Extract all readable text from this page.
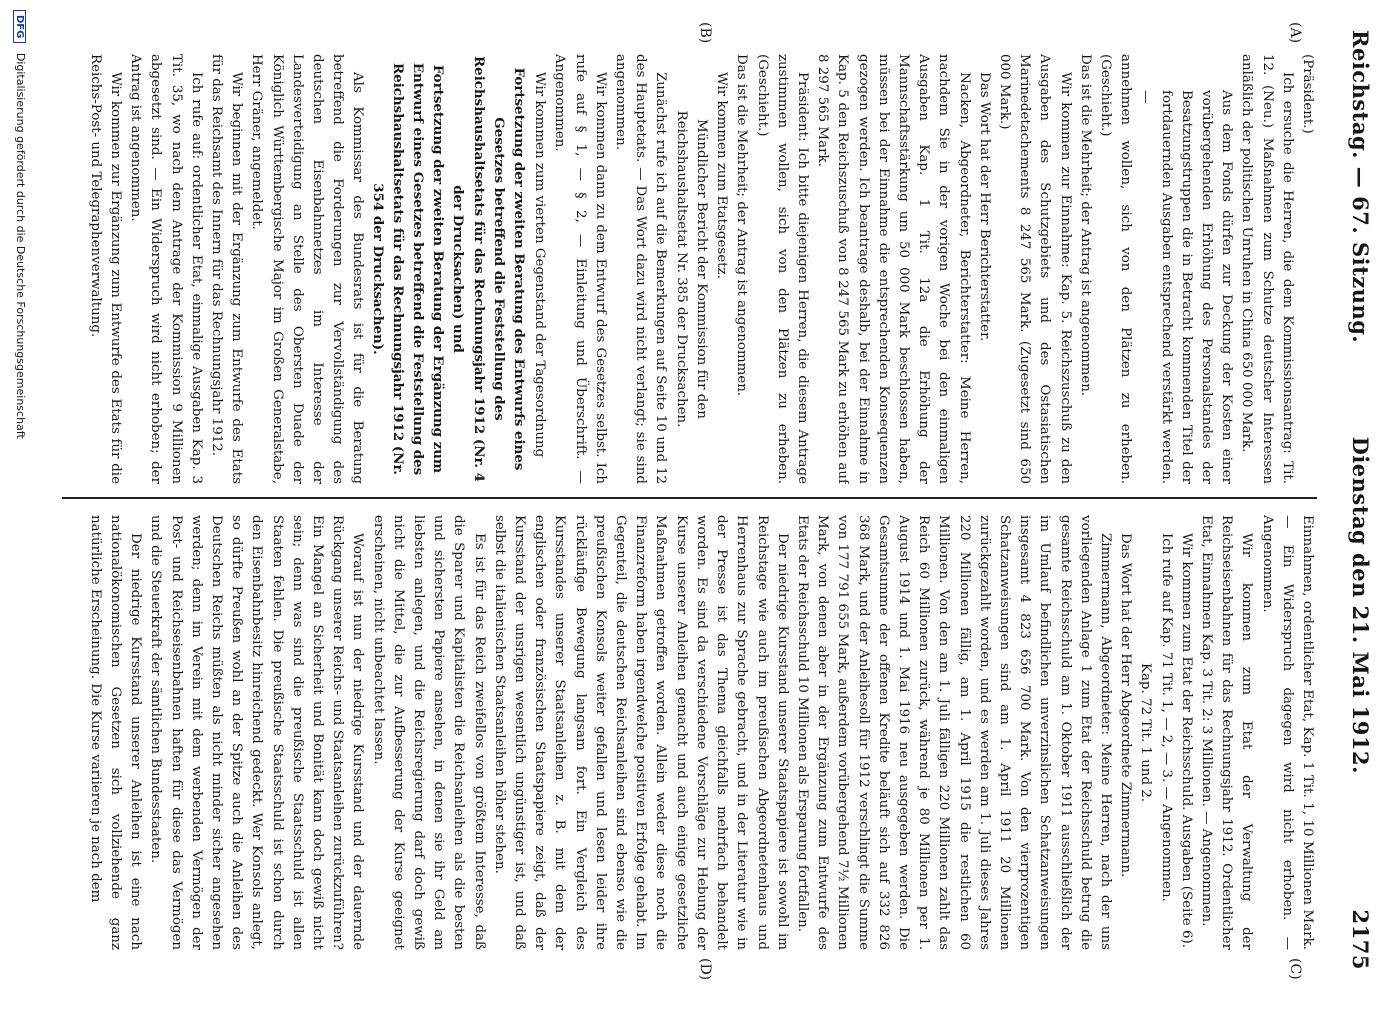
Reichstag. — 67. Sitzung.
Dienstag den 21. Mai 1912.  2175
(A)
(B)
(C)
(D)

(Präsident.)

Ich ersuche die Herren, die dem Kommissionsantrag: Tit. 12. (Neu.) Maßnahmen zum Schutze deutscher Interessen anläßlich der politischen Unruhen in China 650 000 Mark.

Aus dem Fonds dürfen zur Deckung der Kosten einer vorübergehenden Erhöhung des Personalstandes der Besatzungstruppen die in Betracht kommenden Titel der fortdauernden Ausgaben entsprechend verstärkt werden. —

annehmen wollen, sich von den Plätzen zu erheben. (Geschieht.)

Das ist die Mehrheit; der Antrag ist angenommen.

Wir kommen zur Einnahme: Kap. 5. Reichszuschuß zu den Ausgaben des Schutzgebiets und des Ostasiatischen Marinedetachements 8 247 565 Mark. (Zugesetzt sind 650 000 Mark.)

Das Wort hat der Herr Berichterstatter.

Nacken, Abgeordneter, Berichterstatter: Meine Herren, nachdem Sie in der vorigen Woche bei den einmaligen Ausgaben Kap. 1 Tit. 12a die Erhöhung der Mannschaftsstärkung um 50 000 Mark beschlossen haben, müssen bei der Einnahme die entsprechenden Konsequenzen gezogen werden. Ich beantrage deshalb, bei der Einnahme in Kap. 5 den Reichszuschuß von 8 247 565 Mark zu erhöhen auf 8 297 565 Mark.

Präsident: Ich bitte diejenigen Herren, die diesem Antrage zustimmen wollen, sich von den Plätzen zu erheben. (Geschieht.)

Das ist die Mehrheit; der Antrag ist angenommen.

Wir kommen zum Etatsgesetz.

Mündlicher Bericht der Kommission für den Reichshaushaltsetat Nr. 385 der Drucksachen.

Zunächst rufe ich auf die Bemerkungen auf Seite 10 und 12 des Hauptetats. — Das Wort dazu wird nicht verlangt; sie sind angenommen.

Wir kommen dann zu dem Entwurf des Gesetzes selbst. Ich rufe auf § 1, — § 2, — Einleitung und Überschrift. — Angenommen.

Wir kommen zum vierten Gegenstand der Tagesordnung

Fortsetzung der zweiten Beratung des Entwurfs eines Gesetzes betreffend die Feststellung des Reichshaushaltsetats für das Rechnungsjahr 1912 (Nr. 4 der Drucksachen) und

Fortsetzung der zweiten Beratung der Ergänzung zum Entwurf eines Gesetzes betreffend die Feststellung des Reichshaushaltsetats für das Rechnungsjahr 1912 (Nr. 354 der Drucksachen).

Als Kommissar des Bundesrats ist für die Beratung betreffend die Forderungen zur Vervollständigung des deutschen Eisenbahnnetzes im Interesse der Landesverteidigung an Stelle des Obersten Duade der Königlich Württembergische Major im Großen Generalstabe, Herr Gräner, angemeldet.

Wir beginnen mit der Ergänzung zum Entwurfe des Etats für das Reichsamt des Innern für das Rechnungsjahr 1912.

Ich rufe auf: ordentlicher Etat, einmalige Ausgaben Kap. 3 Tit. 35, wo nach dem Antrage der Kommission 9 Millionen abgesetzt sind. — Ein Widerspruch wird nicht erhoben; der Antrag ist angenommen.

Wir kommen zur Ergänzung zum Entwurfe des Etats für die Reichs-Post- und Telegraphenverwaltung.

Einnahmen, ordentlicher Etat, Kap. 1 Tit. 1, 10 Millionen Mark. — Ein Widerspruch dagegen wird nicht erhoben. — Angenommen.

Wir kommen zum Etat der Verwaltung der Reichseisenbahnen für das Rechnungsjahr 1912. Ordentlicher Etat, Einnahmen Kap. 3 Tit. 2: 3 Millionen. — Angenommen.

Wir kommen zum Etat der Reichsschuld. Ausgaben (Seite 6).

Ich rufe auf Kap. 71 Tit. 1, — 2, — 3. — Angenommen.

Kap. 72 Tit. 1 und 2.

Das Wort hat der Herr Abgeordnete Zimmermann.

Zimmermann, Abgeordneter: Meine Herren, nach der uns vorliegenden Anlage 1 zum Etat der Reichsschuld betrug die gesamte Reichsschuld am 1. Oktober 1911 ausschließlich der im Umlauf befindlichen unverzinslichen Schatzanweisungen insgesamt 4 823 656 700 Mark. Von den vierprozentigen Schatzanweisungen sind am 1. April 1911 20 Millionen zurückgezahlt worden, und es werden am 1. Juli dieses Jahres 220 Millionen fällig, am 1. April 1915 die restlichen 60 Millionen. Von den am 1. Juli fälligen 220 Millionen zahlt das Reich 60 Millionen zurück, während je 80 Millionen per 1. August 1914 und 1. Mai 1916 neu ausgegeben werden. Die Gesamtsumme der offenen Kredite beläuft sich auf 332 826 368 Mark, und der Anleihesoll für 1912 verschlingt die Summe von 177 791 655 Mark, außerdem vorübergehend 7½ Millionen Mark, von denen aber in der Ergänzung zum Entwurfe des Etats der Reichsschuld 10 Millionen als Ersparung fortfallen.

Der niedrige Kursstand unserer Staatspapiere ist sowohl im Reichstage wie auch im preußischen Abgeordnetenhaus und Herrenhaus zur Sprache gebracht, und in der Literatur wie in der Presse ist das Thema gleichfalls mehrfach behandelt worden. Es sind da verschiedene Vorschläge zur Hebung der Kurse unserer Anleihen gemacht und auch einige gesetzliche Maßnahmen getroffen worden. Allein weder diese noch die Finanzreform haben irgendwelche positiven Erfolge gehabt. Im Gegenteil, die deutschen Reichsanleihen sind ebenso wie die preußischen Konsols weiter gefallen und lesen leider ihre rückläufige Bewegung langsam fort. Ein Vergleich des Kursstandes unserer Staatsanleihen z. B. mit dem der englischen oder französischen Staatspapiere zeigt, daß der Kursstand der unsrigen wesentlich ungünstiger ist, und daß selbst die italienischen Staatsanleihen höher stehen.

Es ist für das Reich zweifellos von größtem Interesse, daß die Sparer und Kapitalisten die Reichsanleihen als die besten und sichersten Papiere ansehen, in denen sie ihr Geld am liebsten anlegen, und die Reichsregierung darf doch gewiß nicht die Mittel, die zur Aufbesserung der Kurse geeignet erscheinen, nicht unbeachtet lassen.

Worauf ist nun der niedrige Kursstand und der dauernde Rückgang unserer Reichs- und Staatsanleihen zurückzuführen? Ein Mangel an Sicherheit und Bonität kann doch gewiß nicht sein; denn was sind die preußische Staatsschuld ist allen Staaten fehlen. Die preußische Staatsschuld ist schon durch den Eisenbahnbesitz hinreichend gedeckt. Wer Konsols anlegt, so dürfte Preußen wohl an der Spitze auch die Anleihen des Deutschen Reichs müßten als nicht minder sicher angesehen werden; denn im Verein mit dem werbenden Vermögen der Post- und Reichseisenbahnen haften für diese das Vermögen und die Steuerkraft der sämtlichen Bundesstaaten.

Der niedrige Kursstand unserer Anleihen ist eine nach nationalökonomischen Gesetzen sich vollziehende ganz natürliche Erscheinung. Die Kurse variieren je nach dem

DFG Digitalisierung gefördert durch die Deutsche Forschungsgemeinschaft
